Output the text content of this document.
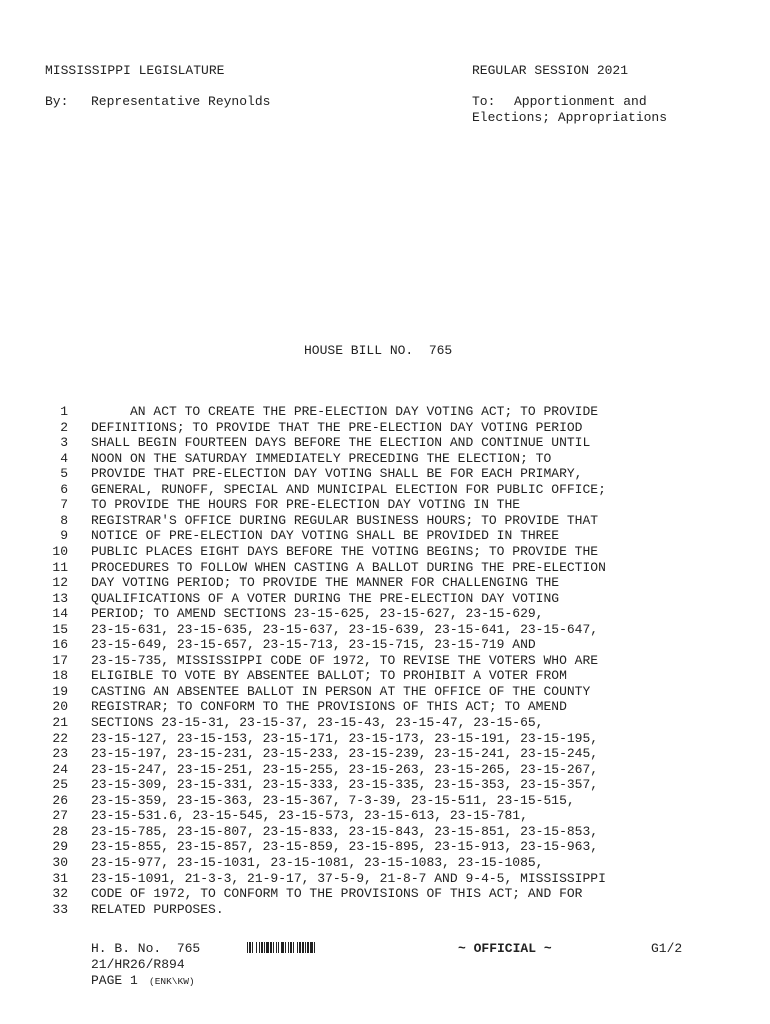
MISSISSIPPI LEGISLATURE	REGULAR SESSION 2021
By: Representative Reynolds	To: Apportionment and
Elections; Appropriations
HOUSE BILL NO.  765
1 AN ACT TO CREATE THE PRE-ELECTION DAY VOTING ACT; TO PROVIDE
2 DEFINITIONS; TO PROVIDE THAT THE PRE-ELECTION DAY VOTING PERIOD
3 SHALL BEGIN FOURTEEN DAYS BEFORE THE ELECTION AND CONTINUE UNTIL
4 NOON ON THE SATURDAY IMMEDIATELY PRECEDING THE ELECTION; TO
5 PROVIDE THAT PRE-ELECTION DAY VOTING SHALL BE FOR EACH PRIMARY,
6 GENERAL, RUNOFF, SPECIAL AND MUNICIPAL ELECTION FOR PUBLIC OFFICE;
7 TO PROVIDE THE HOURS FOR PRE-ELECTION DAY VOTING IN THE
8 REGISTRAR'S OFFICE DURING REGULAR BUSINESS HOURS; TO PROVIDE THAT
9 NOTICE OF PRE-ELECTION DAY VOTING SHALL BE PROVIDED IN THREE
10 PUBLIC PLACES EIGHT DAYS BEFORE THE VOTING BEGINS; TO PROVIDE THE
11 PROCEDURES TO FOLLOW WHEN CASTING A BALLOT DURING THE PRE-ELECTION
12 DAY VOTING PERIOD; TO PROVIDE THE MANNER FOR CHALLENGING THE
13 QUALIFICATIONS OF A VOTER DURING THE PRE-ELECTION DAY VOTING
14 PERIOD; TO AMEND SECTIONS 23-15-625, 23-15-627, 23-15-629,
15 23-15-631, 23-15-635, 23-15-637, 23-15-639, 23-15-641, 23-15-647,
16 23-15-649, 23-15-657, 23-15-713, 23-15-715, 23-15-719 AND
17 23-15-735, MISSISSIPPI CODE OF 1972, TO REVISE THE VOTERS WHO ARE
18 ELIGIBLE TO VOTE BY ABSENTEE BALLOT; TO PROHIBIT A VOTER FROM
19 CASTING AN ABSENTEE BALLOT IN PERSON AT THE OFFICE OF THE COUNTY
20 REGISTRAR; TO CONFORM TO THE PROVISIONS OF THIS ACT; TO AMEND
21 SECTIONS 23-15-31, 23-15-37, 23-15-43, 23-15-47, 23-15-65,
22 23-15-127, 23-15-153, 23-15-171, 23-15-173, 23-15-191, 23-15-195,
23 23-15-197, 23-15-231, 23-15-233, 23-15-239, 23-15-241, 23-15-245,
24 23-15-247, 23-15-251, 23-15-255, 23-15-263, 23-15-265, 23-15-267,
25 23-15-309, 23-15-331, 23-15-333, 23-15-335, 23-15-353, 23-15-357,
26 23-15-359, 23-15-363, 23-15-367, 7-3-39, 23-15-511, 23-15-515,
27 23-15-531.6, 23-15-545, 23-15-573, 23-15-613, 23-15-781,
28 23-15-785, 23-15-807, 23-15-833, 23-15-843, 23-15-851, 23-15-853,
29 23-15-855, 23-15-857, 23-15-859, 23-15-895, 23-15-913, 23-15-963,
30 23-15-977, 23-15-1031, 23-15-1081, 23-15-1083, 23-15-1085,
31 23-15-1091, 21-3-3, 21-9-17, 37-5-9, 21-8-7 AND 9-4-5, MISSISSIPPI
32 CODE OF 1972, TO CONFORM TO THE PROVISIONS OF THIS ACT; AND FOR
33 RELATED PURPOSES.
H. B. No.  765	~ OFFICIAL ~	G1/2
21/HR26/R894
PAGE 1 (ENK\KW)
